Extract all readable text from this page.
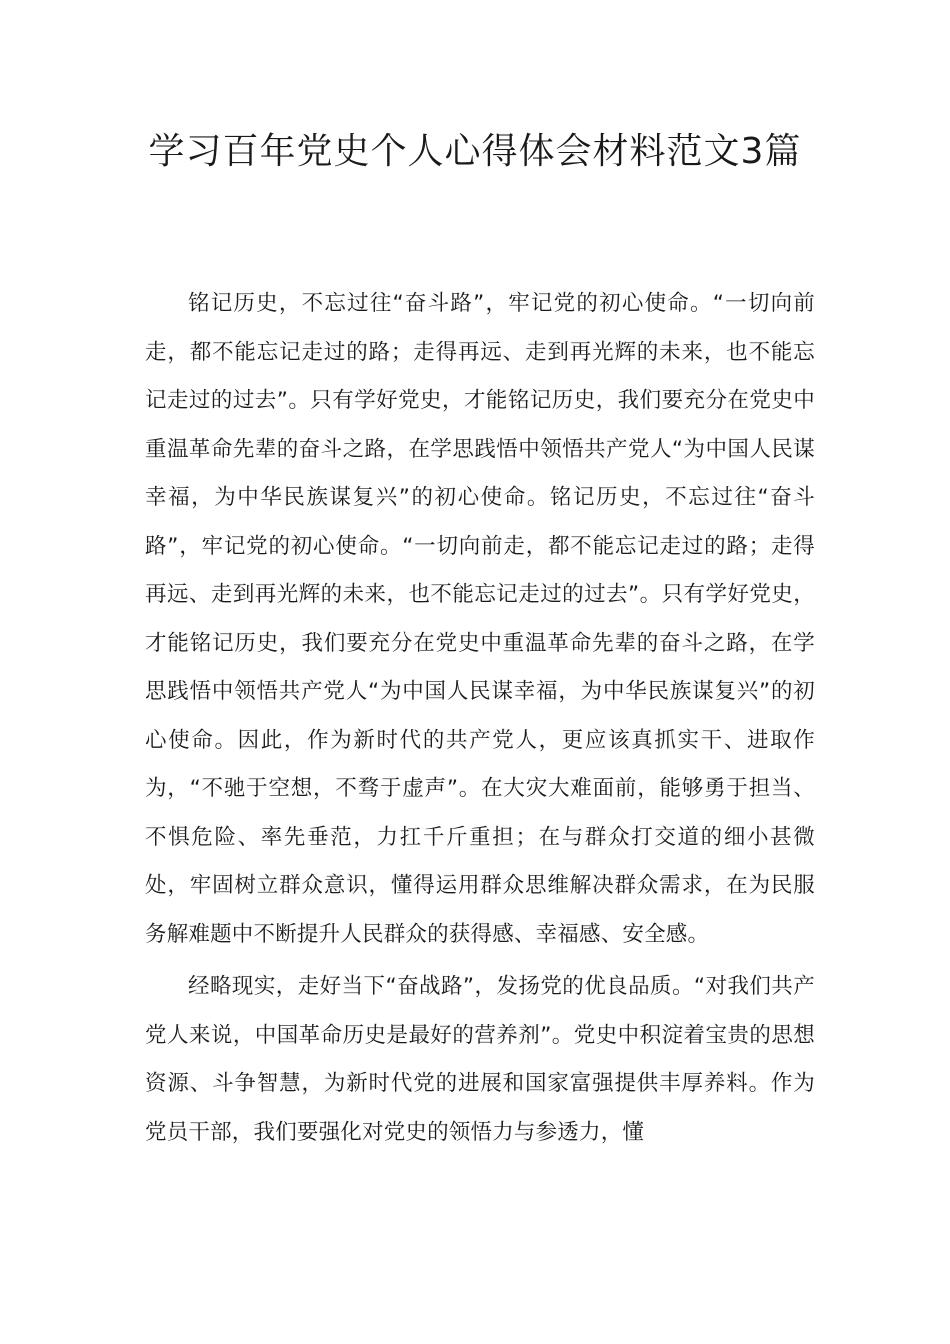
学习百年党史个人心得体会材料范文3篇

铭记历史，不忘过往“奋斗路”，牢记党的初心使命。“一切向前走，都不能忘记走过的路；走得再远、走到再光辉的未来，也不能忘记走过的过去”。只有学好党史，才能铭记历史，我们要充分在党史中重温革命先辈的奋斗之路，在学思践悟中领悟共产党人“为中国人民谋幸福，为中华民族谋复兴”的初心使命。铭记历史，不忘过往“奋斗路”，牢记党的初心使命。“一切向前走，都不能忘记走过的路；走得再远、走到再光辉的未来，也不能忘记走过的过去”。只有学好党史，才能铭记历史，我们要充分在党史中重温革命先辈的奋斗之路，在学思践悟中领悟共产党人“为中国人民谋幸福，为中华民族谋复兴”的初心使命。因此，作为新时代的共产党人，更应该真抓实干、进取作为，“不驰于空想，不骛于虚声”。在大灾大难面前，能够勇于担当、不惧危险、率先垂范，力扛千斤重担；在与群众打交道的细小甚微处，牢固树立群众意识，懂得运用群众思维解决群众需求，在为民服务解难题中不断提升人民群众的获得感、幸福感、安全感。

经略现实，走好当下“奋战路”，发扬党的优良品质。“对我们共产党人来说，中国革命历史是最好的营养剂”。党史中积淀着宝贵的思想资源、斗争智慧，为新时代党的进展和国家富强提供丰厚养料。作为党员干部，我们要强化对党史的领悟力与参透力，懂
